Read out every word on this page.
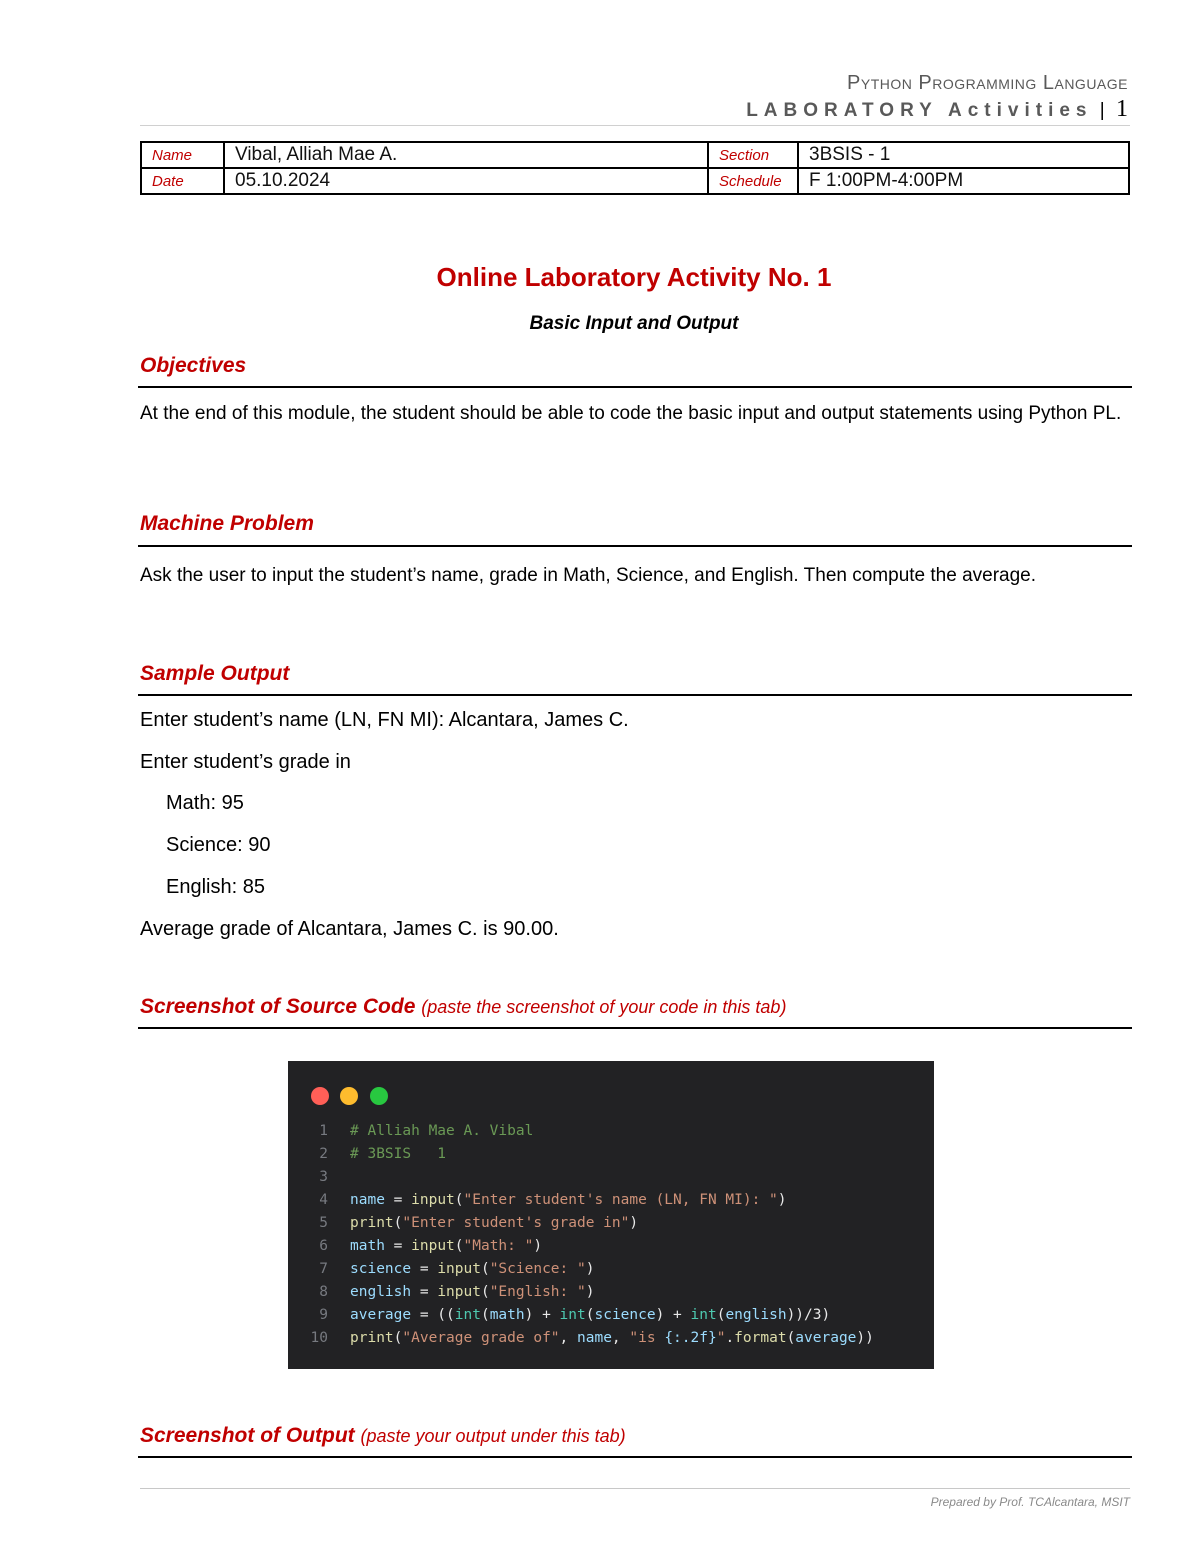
Python Programming Language
LABORATORY Activities | 1
Name	Vibal, Alliah Mae A.	Section	3BSIS - 1
Date	05.10.2024	Schedule	F 1:00PM-4:00PM
Online Laboratory Activity No. 1
Basic Input and Output
Objectives
At the end of this module, the student should be able to code the basic input and output statements using Python PL.
Machine Problem
Ask the user to input the student’s name, grade in Math, Science, and English. Then compute the average.
Sample Output
Enter student’s name (LN, FN MI): Alcantara, James C.
Enter student’s grade in
Math: 95
Science: 90
English: 85
Average grade of Alcantara, James C. is 90.00.
Screenshot of Source Code (paste the screenshot of your code in this tab)
1 # Alliah Mae A. Vibal
2 # 3BSIS   1
3
4 name = input("Enter student's name (LN, FN MI): ")
5 print("Enter student's grade in")
6 math = input("Math: ")
7 science = input("Science: ")
8 english = input("English: ")
9 average = ((int(math) + int(science) + int(english))/3)
10 print("Average grade of", name, "is {:.2f}".format(average))
Screenshot of Output (paste your output under this tab)
Prepared by Prof. TCAlcantara, MSIT
